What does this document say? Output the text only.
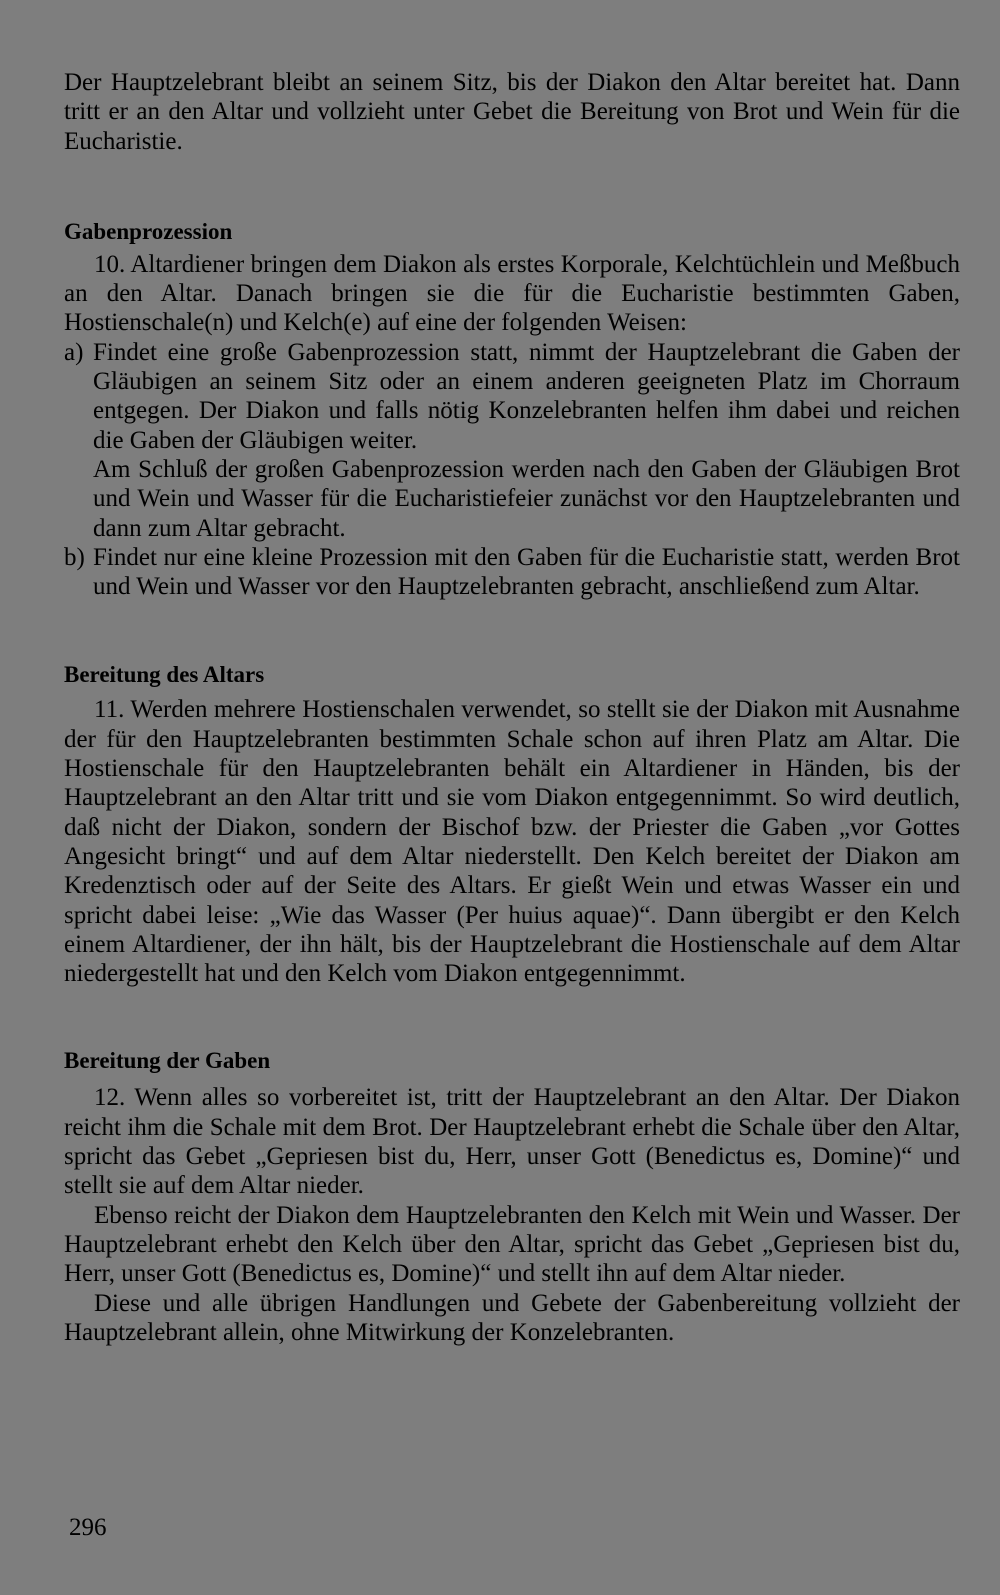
Der Hauptzelebrant bleibt an seinem Sitz, bis der Diakon den Altar bereitet hat. Dann tritt er an den Altar und vollzieht unter Gebet die Bereitung von Brot und Wein für die Eucharistie.

Gabenprozession

10. Altardiener bringen dem Diakon als erstes Korporale, Kelchtüchlein und Meßbuch an den Altar. Danach bringen sie die für die Eucharistie bestimmten Gaben, Hostienschale(n) und Kelch(e) auf eine der folgenden Weisen:

a) Findet eine große Gabenprozession statt, nimmt der Hauptzelebrant die Gaben der Gläubigen an seinem Sitz oder an einem anderen geeigneten Platz im Chorraum entgegen. Der Diakon und falls nötig Konzelebranten helfen ihm dabei und reichen die Gaben der Gläubigen weiter.

Am Schluß der großen Gabenprozession werden nach den Gaben der Gläubigen Brot und Wein und Wasser für die Eucharistiefeier zunächst vor den Hauptzelebranten und dann zum Altar gebracht.

b) Findet nur eine kleine Prozession mit den Gaben für die Eucharistie statt, werden Brot und Wein und Wasser vor den Hauptzelebranten gebracht, anschließend zum Altar.

Bereitung des Altars

11. Werden mehrere Hostienschalen verwendet, so stellt sie der Diakon mit Ausnahme der für den Hauptzelebranten bestimmten Schale schon auf ihren Platz am Altar. Die Hostienschale für den Hauptzelebranten behält ein Altardiener in Händen, bis der Hauptzelebrant an den Altar tritt und sie vom Diakon entgegennimmt. So wird deutlich, daß nicht der Diakon, sondern der Bischof bzw. der Priester die Gaben „vor Gottes Angesicht bringt“ und auf dem Altar niederstellt. Den Kelch bereitet der Diakon am Kredenztisch oder auf der Seite des Altars. Er gießt Wein und etwas Wasser ein und spricht dabei leise: „Wie das Wasser (Per huius aquae)“. Dann übergibt er den Kelch einem Altardiener, der ihn hält, bis der Hauptzelebrant die Hostienschale auf dem Altar niedergestellt hat und den Kelch vom Diakon entgegennimmt.

Bereitung der Gaben

12. Wenn alles so vorbereitet ist, tritt der Hauptzelebrant an den Altar. Der Diakon reicht ihm die Schale mit dem Brot. Der Hauptzelebrant erhebt die Schale über den Altar, spricht das Gebet „Gepriesen bist du, Herr, unser Gott (Benedictus es, Domine)“ und stellt sie auf dem Altar nieder.

Ebenso reicht der Diakon dem Hauptzelebranten den Kelch mit Wein und Wasser. Der Hauptzelebrant erhebt den Kelch über den Altar, spricht das Gebet „Gepriesen bist du, Herr, unser Gott (Benedictus es, Domine)“ und stellt ihn auf dem Altar nieder.

Diese und alle übrigen Handlungen und Gebete der Gabenbereitung vollzieht der Hauptzelebrant allein, ohne Mitwirkung der Konzelebranten.

296
